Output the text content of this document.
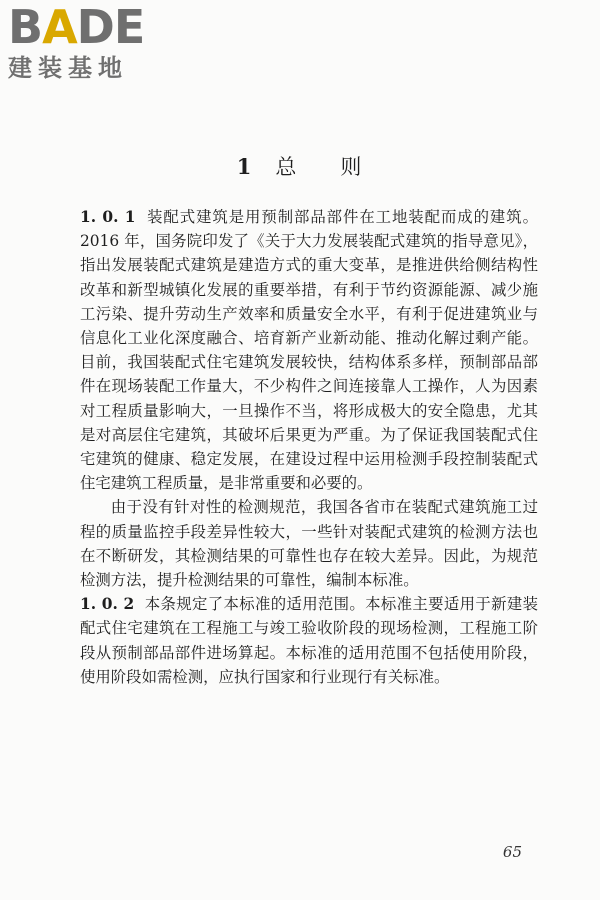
BADE
建装基地
1 总 则

1. 0. 1 装配式建筑是用预制部品部件在工地装配而成的建筑。2016 年，国务院印发了《关于大力发展装配式建筑的指导意见》，指出发展装配式建筑是建造方式的重大变革，是推进供给侧结构性改革和新型城镇化发展的重要举措，有利于节约资源能源、减少施工污染、提升劳动生产效率和质量安全水平，有利于促进建筑业与信息化工业化深度融合、培育新产业新动能、推动化解过剩产能。目前，我国装配式住宅建筑发展较快，结构体系多样，预制部品部件在现场装配工作量大，不少构件之间连接靠人工操作，人为因素对工程质量影响大，一旦操作不当，将形成极大的安全隐患，尤其是对高层住宅建筑，其破坏后果更为严重。为了保证我国装配式住宅建筑的健康、稳定发展，在建设过程中运用检测手段控制装配式住宅建筑工程质量，是非常重要和必要的。

由于没有针对性的检测规范，我国各省市在装配式建筑施工过程的质量监控手段差异性较大，一些针对装配式建筑的检测方法也在不断研发，其检测结果的可靠性也存在较大差异。因此，为规范检测方法，提升检测结果的可靠性，编制本标准。

1. 0. 2 本条规定了本标准的适用范围。本标准主要适用于新建装配式住宅建筑在工程施工与竣工验收阶段的现场检测，工程施工阶段从预制部品部件进场算起。本标准的适用范围不包括使用阶段，使用阶段如需检测，应执行国家和行业现行有关标准。

65
